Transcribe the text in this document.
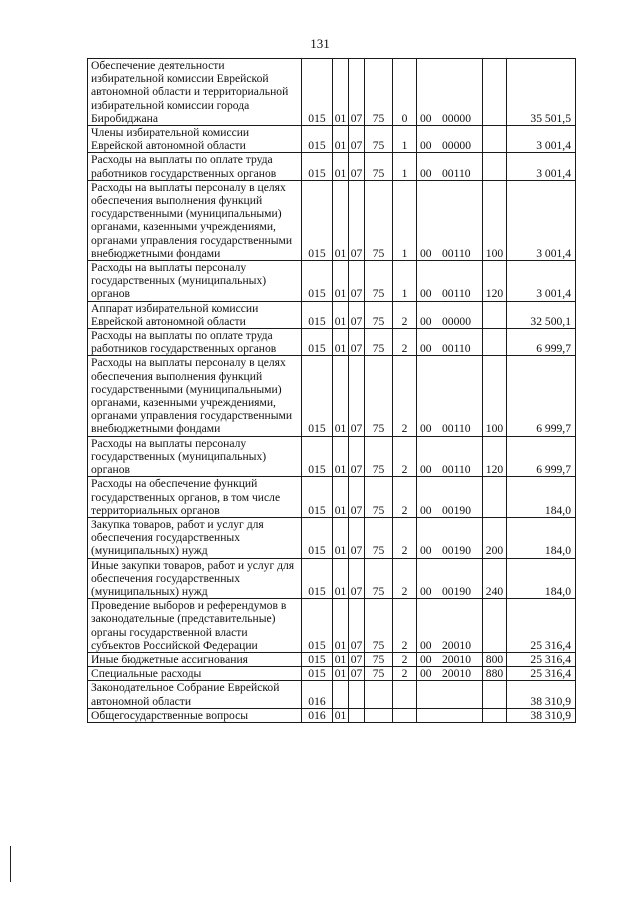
131
Обеспечение деятельности избирательной комиссии Еврейской автономной области и территориальной избирательной комиссии города Биробиджана	015	01	07	75	0	00 00000		35 501,5
Члены избирательной комиссии Еврейской автономной области	015	01	07	75	1	00 00000		3 001,4
Расходы на выплаты по оплате труда работников государственных органов	015	01	07	75	1	00 00110		3 001,4
Расходы на выплаты персоналу в целях обеспечения выполнения функций государственными (муниципальными) органами, казенными учреждениями, органами управления государственными внебюджетными фондами	015	01	07	75	1	00 00110	100	3 001,4
Расходы на выплаты персоналу государственных (муниципальных) органов	015	01	07	75	1	00 00110	120	3 001,4
Аппарат избирательной комиссии Еврейской автономной области	015	01	07	75	2	00 00000		32 500,1
Расходы на выплаты по оплате труда работников государственных органов	015	01	07	75	2	00 00110		6 999,7
Расходы на выплаты персоналу в целях обеспечения выполнения функций государственными (муниципальными) органами, казенными учреждениями, органами управления государственными внебюджетными фондами	015	01	07	75	2	00 00110	100	6 999,7
Расходы на выплаты персоналу государственных (муниципальных) органов	015	01	07	75	2	00 00110	120	6 999,7
Расходы на обеспечение функций государственных органов, в том числе территориальных органов	015	01	07	75	2	00 00190		184,0
Закупка товаров, работ и услуг для обеспечения государственных (муниципальных) нужд	015	01	07	75	2	00 00190	200	184,0
Иные закупки товаров, работ и услуг для обеспечения государственных (муниципальных) нужд	015	01	07	75	2	00 00190	240	184,0
Проведение выборов и референдумов в законодательные (представительные) органы государственной власти субъектов Российской Федерации	015	01	07	75	2	00 20010		25 316,4
Иные бюджетные ассигнования	015	01	07	75	2	00 20010	800	25 316,4
Специальные расходы	015	01	07	75	2	00 20010	880	25 316,4
Законодательное Собрание Еврейской автономной области	016							38 310,9
Общегосударственные вопросы	016	01						38 310,9
